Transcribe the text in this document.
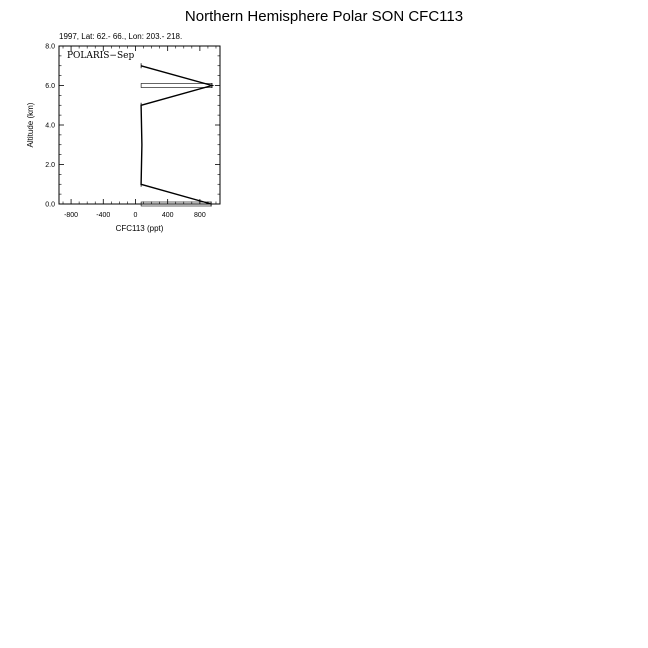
Northern Hemisphere Polar SON CFC113
1997, Lat: 62.- 66., Lon: 203.- 218.
-800	-400	0	400	800
0.0
2.0
4.0
6.0
8.0
POLARIS−Sep
CFC113 (ppt)
Altitude (km)
